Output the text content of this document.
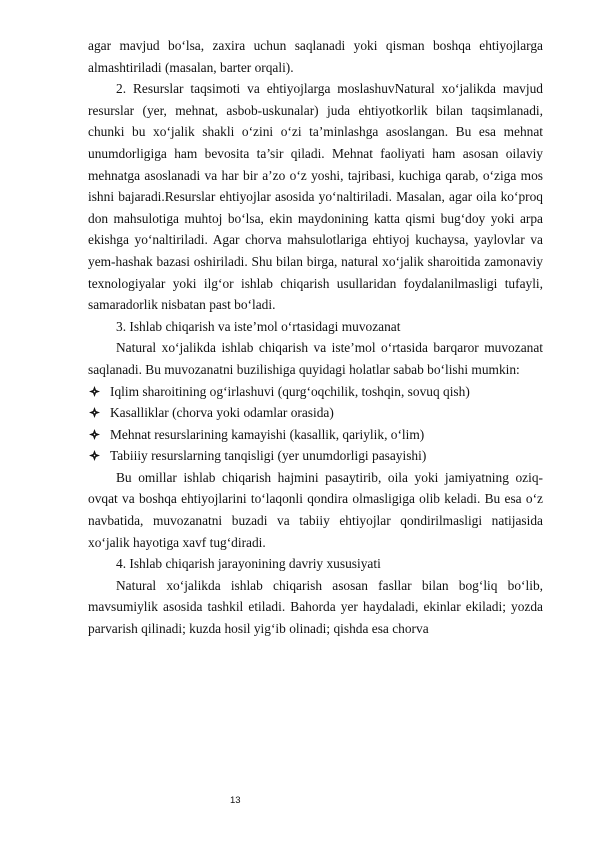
agar mavjud bo‘lsa, zaxira uchun saqlanadi yoki qisman boshqa ehtiyojlarga almashtiriladi (masalan, barter orqali).

2. Resurslar taqsimoti va ehtiyojlarga moslashuvNatural xo‘jalikda mavjud resurslar (yer, mehnat, asbob-uskunalar) juda ehtiyotkorlik bilan taqsimlanadi, chunki bu xo‘jalik shakli o‘zini o‘zi ta’minlashga asoslangan. Bu esa mehnat unumdorligiga ham bevosita ta’sir qiladi. Mehnat faoliyati ham asosan oilaviy mehnatga asoslanadi va har bir a’zo o‘z yoshi, tajribasi, kuchiga qarab, o‘ziga mos ishni bajaradi.Resurslar ehtiyojlar asosida yo‘naltiriladi. Masalan, agar oila ko‘proq don mahsulotiga muhtoj bo‘lsa, ekin maydonining katta qismi bug‘doy yoki arpa ekishga yo‘naltiriladi. Agar chorva mahsulotlariga ehtiyoj kuchaysa, yaylovlar va yem-hashak bazasi oshiriladi. Shu bilan birga, natural xo‘jalik sharoitida zamonaviy texnologiyalar yoki ilg‘or ishlab chiqarish usullaridan foydalanilmasligi tufayli, samaradorlik nisbatan past bo‘ladi.

3. Ishlab chiqarish va iste’mol o‘rtasidagi muvozanat

Natural xo‘jalikda ishlab chiqarish va iste’mol o‘rtasida barqaror muvozanat saqlanadi. Bu muvozanatni buzilishiga quyidagi holatlar sabab bo‘lishi mumkin:

Iqlim sharoitining og‘irlashuvi (qurg‘oqchilik, toshqin, sovuq qish)
Kasalliklar (chorva yoki odamlar orasida)
Mehnat resurslarining kamayishi (kasallik, qariylik, o‘lim)
Tabiiiy resurslarning tanqisligi (yer unumdorligi pasayishi)

Bu omillar ishlab chiqarish hajmini pasaytirib, oila yoki jamiyatning oziq-ovqat va boshqa ehtiyojlarini to‘laqonli qondira olmasligiga olib keladi. Bu esa o‘z navbatida, muvozanatni buzadi va tabiiy ehtiyojlar qondirilmasligi natijasida xo‘jalik hayotiga xavf tug‘diradi.

4. Ishlab chiqarish jarayonining davriy xususiyati

Natural xo‘jalikda ishlab chiqarish asosan fasllar bilan bog‘liq bo‘lib, mavsumiylik asosida tashkil etiladi. Bahorda yer haydaladi, ekinlar ekiladi; yozda parvarish qilinadi; kuzda hosil yig‘ib olinadi; qishda esa chorva

13
